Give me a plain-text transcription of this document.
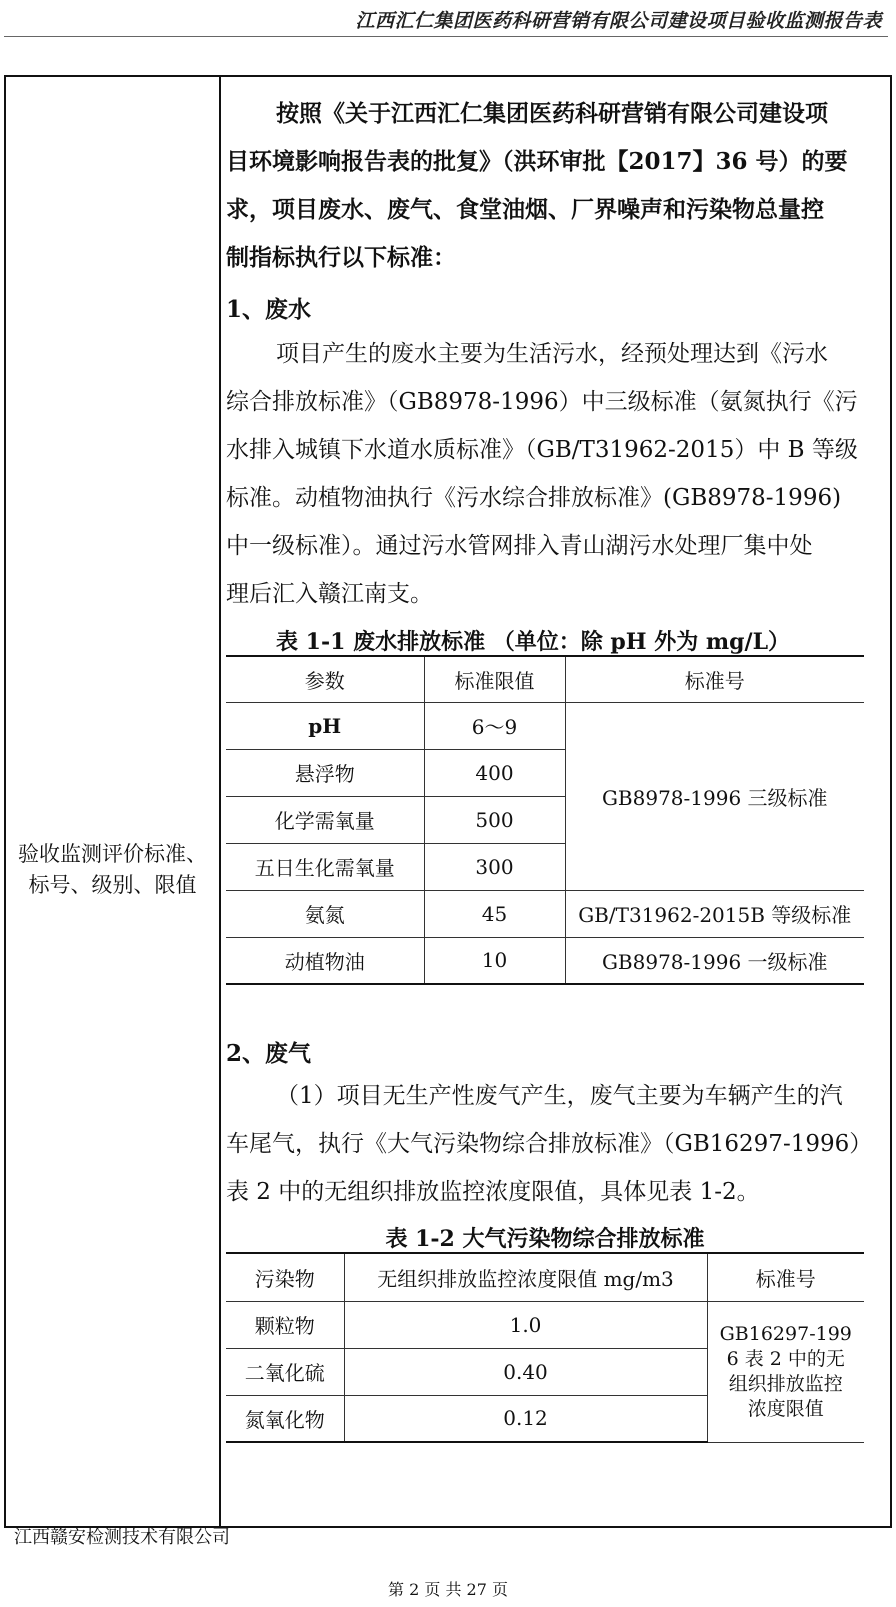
江西汇仁集团医药科研营销有限公司建设项目验收监测报告表
验收监测评价标准、
标号、级别、限值
按照《关于江西汇仁集团医药科研营销有限公司建设项
目环境影响报告表的批复》（洪环审批【2017】36 号）的要
求，项目废水、废气、食堂油烟、厂界噪声和污染物总量控
制指标执行以下标准：
1、废水
项目产生的废水主要为生活污水，经预处理达到《污水
综合排放标准》（GB8978-1996）中三级标准（氨氮执行《污
水排入城镇下水道水质标准》（GB/T31962-2015）中 B 等级
标准。动植物油执行《污水综合排放标准》(GB8978-1996)
中一级标准）。通过污水管网排入青山湖污水处理厂集中处
理后汇入赣江南支。
表 1-1 废水排放标准 （单位：除 pH 外为 mg/L）
参数	标准限值	标准号
pH	6～9	GB8978-1996 三级标准
悬浮物	400	
化学需氧量	500	
五日生化需氧量	300	
氨氮	45	GB/T31962-2015B 等级标准
动植物油	10	GB8978-1996 一级标准
2、废气
（1）项目无生产性废气产生，废气主要为车辆产生的汽
车尾气，执行《大气污染物综合排放标准》（GB16297-1996）
表 2 中的无组织排放监控浓度限值，具体见表 1-2。
表 1-2 大气污染物综合排放标准
污染物	无组织排放监控浓度限值 mg/m3	标准号
颗粒物	1.0	GB16297-199
6 表 2 中的无
组织排放监控
浓度限值

二氧化硫	0.40	
氮氧化物	0.12	
江西赣安检测技术有限公司
第 2 页 共 27 页
